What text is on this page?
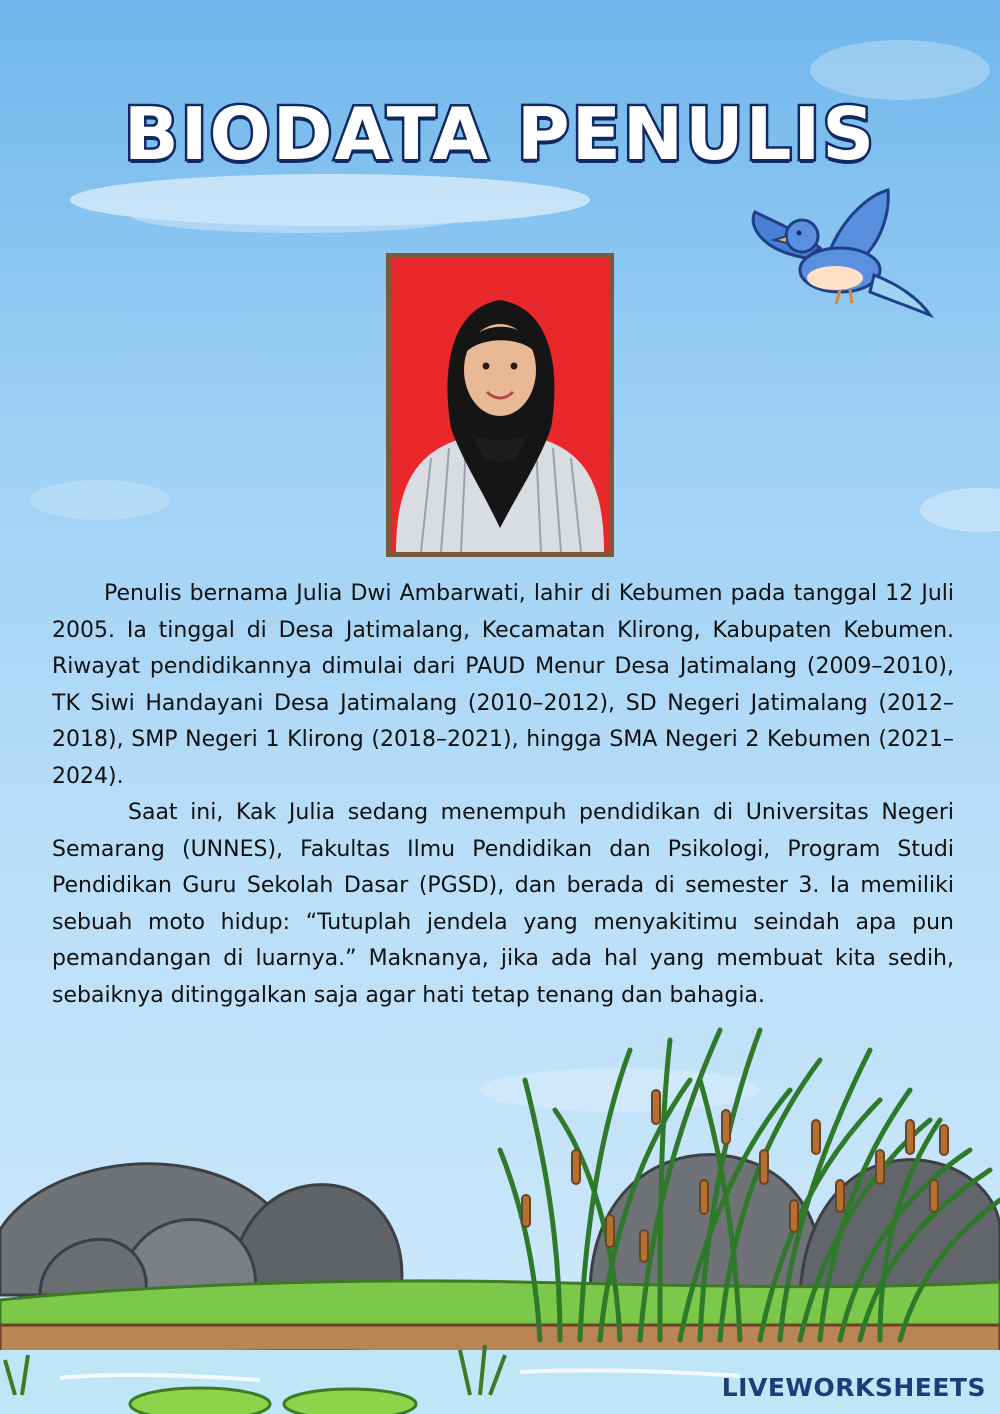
BIODATA PENULIS

Penulis bernama Julia Dwi Ambarwati, lahir di Kebumen pada tanggal 12 Juli 2005. Ia tinggal di Desa Jatimalang, Kecamatan Klirong, Kabupaten Kebumen. Riwayat pendidikannya dimulai dari PAUD Menur Desa Jatimalang (2009–2010), TK Siwi Handayani Desa Jatimalang (2010–2012), SD Negeri Jatimalang (2012–2018), SMP Negeri 1 Klirong (2018–2021), hingga SMA Negeri 2 Kebumen (2021–2024).

Saat ini, Kak Julia sedang menempuh pendidikan di Universitas Negeri Semarang (UNNES), Fakultas Ilmu Pendidikan dan Psikologi, Program Studi Pendidikan Guru Sekolah Dasar (PGSD), dan berada di semester 3. Ia memiliki sebuah moto hidup: “Tutuplah jendela yang menyakitimu seindah apa pun pemandangan di luarnya.” Maknanya, jika ada hal yang membuat kita sedih, sebaiknya ditinggalkan saja agar hati tetap tenang dan bahagia.

LIVEWORKSHEETS
